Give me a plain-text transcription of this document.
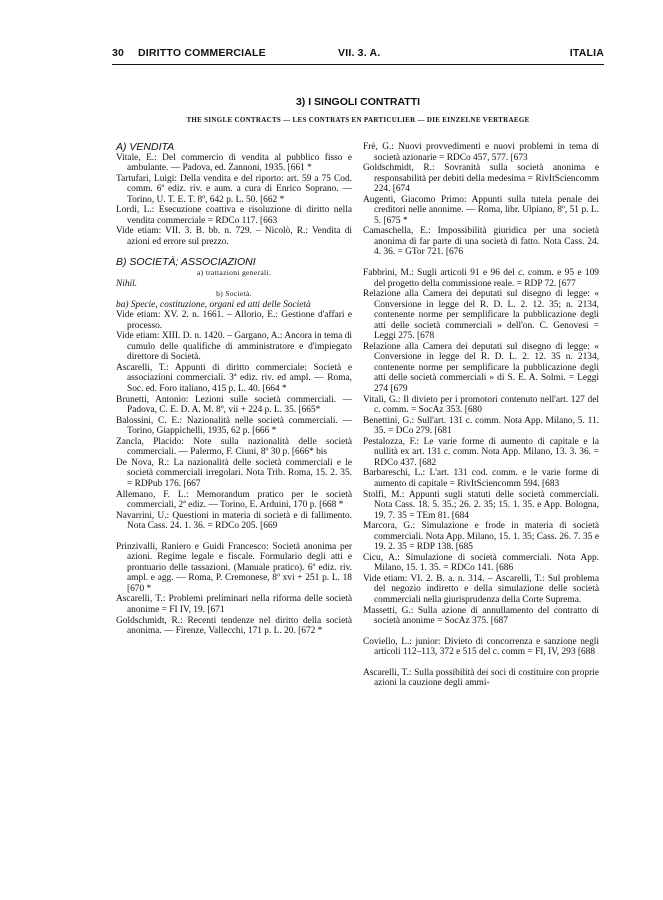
30 DIRITTO COMMERCIALE	VII. 3. A.	ITALIA
3) I SINGOLI CONTRATTI
THE SINGLE CONTRACTS — LES CONTRATS EN PARTICULIER — DIE EINZELNE VERTRAEGE

A) VENDITA

Vitale, E.: Del commercio di vendita al pubblico fisso e ambulante. — Padova, ed. Zannoni, 1935. [661 *

Tartufari, Luigi: Della vendita e del riporto: art. 59 a 75 Cod. comm. 6ª ediz. riv. e aum. a cura di Enrico Soprano. — Torino, U. T. E. T. 8º, 642 p. L. 50. [662 *

Lordi, L.: Esecuzione coattiva e risoluzione di diritto nella vendita commerciale = RDCo 117. [663

Vide etiam: VII. 3. B. bb. n. 729. – Nicolò, R.: Vendita di azioni ed errore sul prezzo.

B) SOCIETÀ; ASSOCIAZIONI

a) trattazioni generali.

Nihil.

b) Società.

ba) Specie, costituzione, organi ed atti delle Società

Vide etiam: XV. 2. n. 1661. – Allorio, E.: Gestione d'affari e processo.

Vide etiam: XIII. D. n. 1420. – Gargano, A.: Ancora in tema di cumulo delle qualifiche di amministratore e d'impiegato direttore di Società.

Ascarelli, T.: Appunti di diritto commerciale: Società e associazioni commerciali. 3ª ediz. riv. ed ampl. — Roma, Soc. ed. Foro italiano, 415 p. L. 40. [664 *

Brunetti, Antonio: Lezioni sulle società commerciali. — Padova, C. E. D. A. M. 8º, vii + 224 p. L. 35. [665*

Balossini, C. E.: Nazionalità nelle società commerciali. — Torino, Giappichelli, 1935, 62 p. [666 *

Zancla, Placido: Note sulla nazionalità delle società commerciali. — Palermo, F. Ciuni, 8º 30 p. [666* bis

De Nova, R.: La nazionalità delle società commerciali e le società commerciali irregolari. Nota Trib. Roma, 15. 2. 35. = RDPub 176. [667

Allemano, F. L.: Memorandum pratico per le società commerciali, 2ª ediz. — Torino, E. Arduini, 170 p. [668 *

Navarrini, U.: Questioni in materia di società e di fallimento. Nota Cass. 24. 1. 36. = RDCo 205. [669

Prinzivalli, Raniero e Guidi Francesco: Società anonima per azioni. Regime legale e fiscale. Formulario degli atti e prontuario delle tassazioni. (Manuale pratico). 6ª ediz. riv. ampl. e agg. — Roma, P. Cremonese, 8º xvi + 251 p. L. 18 [670 *

Ascarelli, T.: Problemi preliminari nella riforma delle società anonime = FI IV, 19. [671

Goldschmidt, R.: Recenti tendenze nel diritto della società anonima. — Firenze, Vallecchi, 171 p. L. 20. [672 *

Frè, G.: Nuovi provvedimenti e nuovi problemi in tema di società azionarie = RDCo 457, 577. [673

Goldschmidt, R.: Sovranità sulla società anonima e responsabilità per debiti della medesima = RivItSciencomm 224. [674

Augenti, Giacomo Primo: Appunti sulla tutela penale dei creditori nelle anonime. — Roma, libr. Ulpiano, 8º, 51 p. L. 5. [675 *

Camaschella, E.: Impossibilità giuridica per una società anonima di far parte di una società di fatto. Nota Cass. 24. 4. 36. = GTor 721. [676

Fabbrini, M.: Sugli articoli 91 e 96 del c. comm. e 95 e 109 del progetto della commissione reale. = RDP 72. [677

Relazione alla Camera dei deputati sul disegno di legge: « Conversione in legge del R. D. L. 2. 12. 35; n. 2134, contenente norme per semplificare la pubblicazione degli atti delle società commerciali » dell'on. C. Genovesi = Leggi 275. [678

Relazione alla Camera dei deputati sul disegno di legge: « Conversione in legge del R. D. L. 2. 12. 35 n. 2134, contenente norme per semplificare la pubblicazione degli atti delle società commerciali » di S. E. A. Solmi. = Leggi 274 [679

Vitali, G.: Il divieto per i promotori contenuto nell'art. 127 del c. comm. = SocAz 353. [680

Benettini, G.: Sull'art. 131 c. comm. Nota App. Milano, 5. 11. 35. = DCo 279. [681

Pestalozza, F.: Le varie forme di aumento di capitale e la nullità ex art. 131 c. comm. Nota App. Milano, 13. 3. 36. = RDCo 437. [682

Barbareschi, L.: L'art. 131 cod. comm. e le varie forme di aumento di capitale = RivItSciencomm 594. [683

Stolfi, M.: Appunti sugli statuti delle società commerciali. Nota Cass. 18. 5. 35.; 26. 2. 35; 15. 1. 35. e App. Bologna, 19. 7. 35 = TEm 81. [684

Marcora, G.: Simulazione e frode in materia di società commerciali. Nota App. Milano, 15. 1. 35; Cass. 26. 7. 35 e 19. 2. 35 = RDP 138. [685

Cicu, A.: Simulazione di società commerciali. Nota App. Milano, 15. 1. 35. = RDCo 141. [686

Vide etiam: VI. 2. B. a. n. 314. – Ascarelli, T.: Sul problema del negozio indiretto e della simulazione delle società commerciali nella giurisprudenza della Corte Suprema.

Massetti, G.: Sulla azione di annullamento del contratto di società anonime = SocAz 375. [687

Coviello, L.: junior: Divieto di concorrenza e sanzione negli articoli 112–113, 372 e 515 del c. comm = FI, IV, 293 [688

Ascarelli, T.: Sulla possibilità dei soci di costituire con proprie azioni la cauzione degli ammi-
